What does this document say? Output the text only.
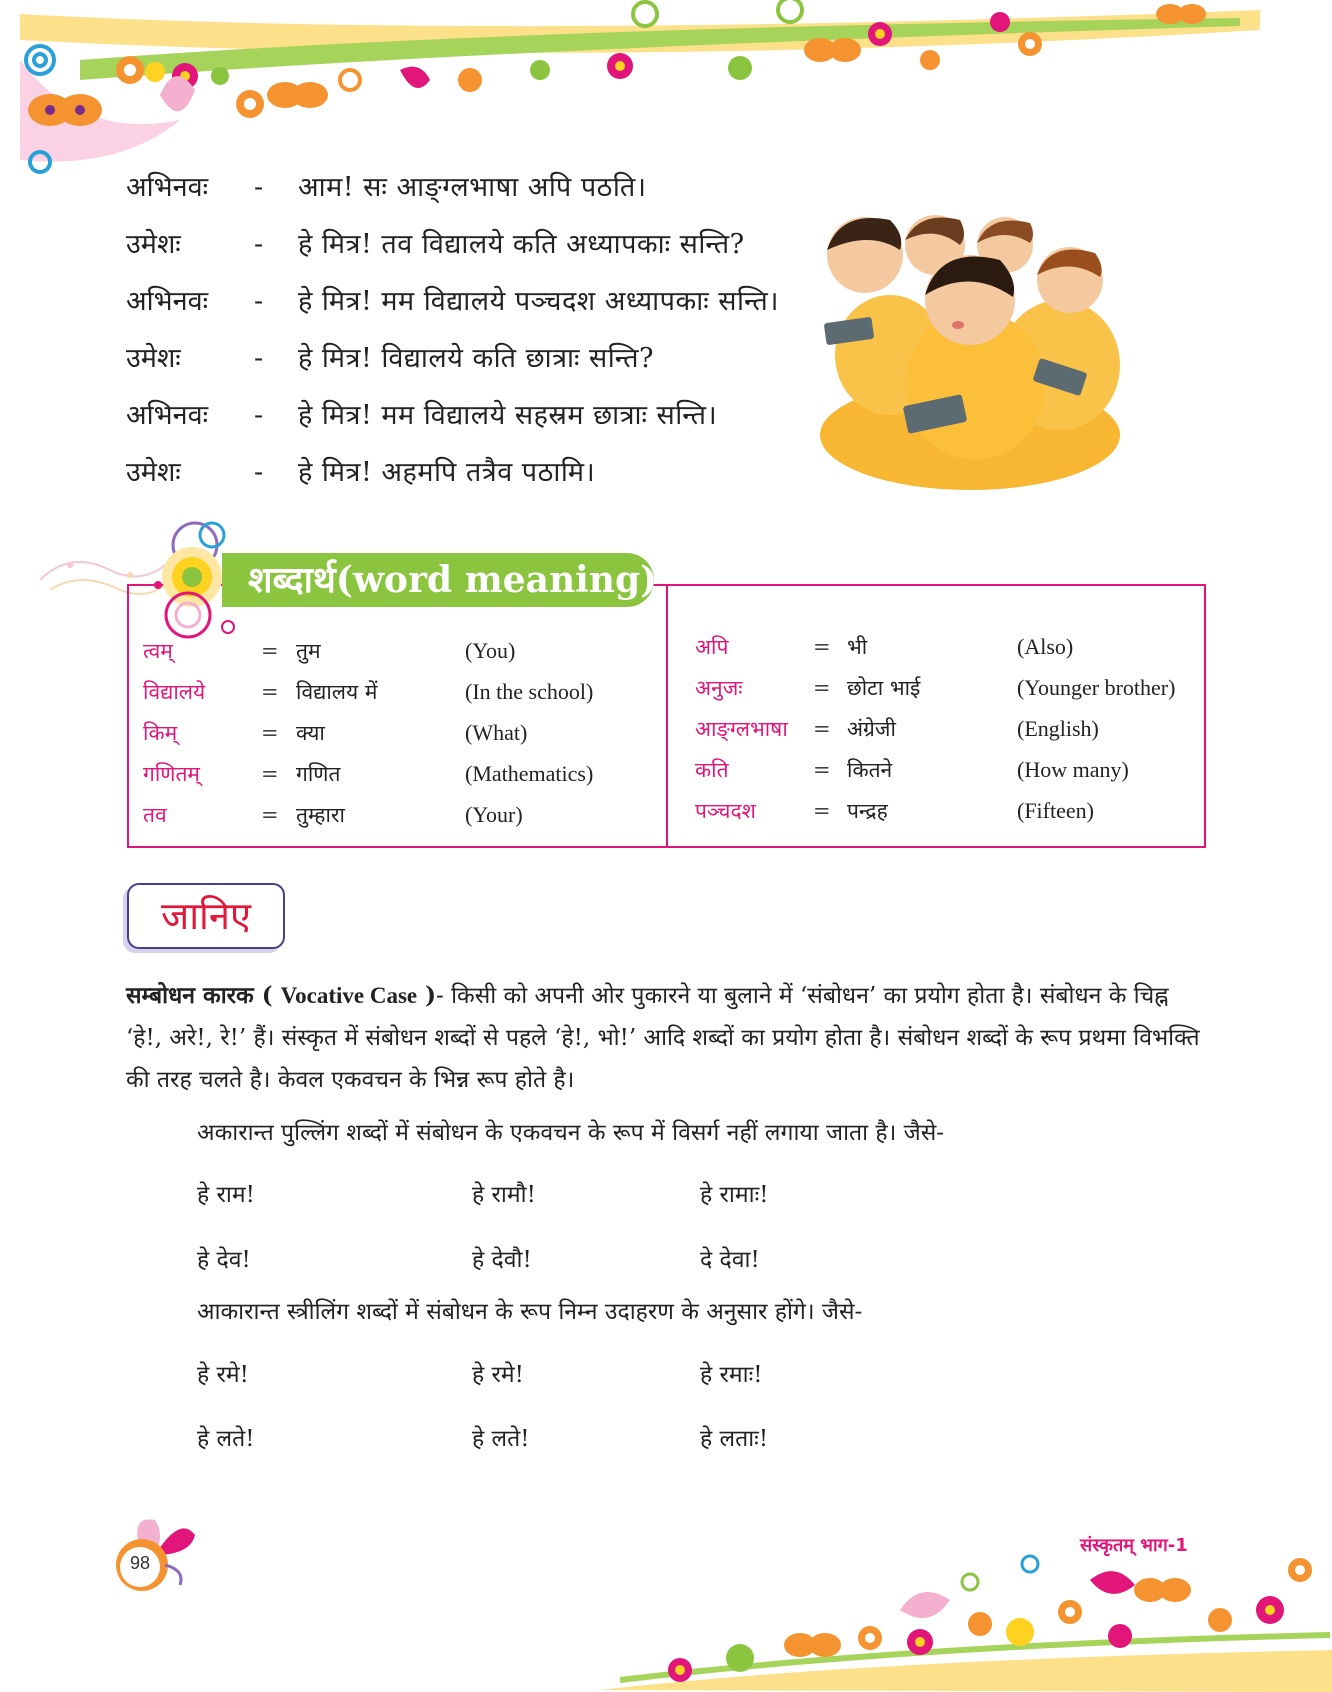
अभिनवः	- आम! सः आङ्ग्लभाषा अपि पठति।
उमेशः	- हे मित्र! तव विद्यालये कति अध्यापकाः सन्ति?
अभिनवः	- हे मित्र! मम विद्यालये पञ्चदश अध्यापकाः सन्ति।
उमेशः	- हे मित्र! विद्यालये कति छात्राः सन्ति?
अभिनवः	- हे मित्र! मम विद्यालये सहस्रम छात्राः सन्ति।
उमेशः	- हे मित्र! अहमपि तत्रैव पठामि।
शब्दार्थ(word meaning)
त्वम्	= तुम	(You)
विद्यालये	= विद्यालय में	(In the school)
किम्	= क्या	(What)
गणितम्	= गणित	(Mathematics)
तव	= तुम्हारा	(Your)
अपि	= भी	(Also)
अनुजः	= छोटा भाई	(Younger brother)
आङ्ग्लभाषा = अंग्रेजी	(English)
कति	= कितने	(How many)
पञ्चदश	= पन्द्रह	(Fifteen)
जानिए
सम्बोधन कारक ( Vocative Case )- किसी को अपनी ओर पुकारने या बुलाने में ‘संबोधन’ का प्रयोग होता है। संबोधन के चिह्न ‘हे!, अरे!, रे!’ हैं। संस्कृत में संबोधन शब्दों से पहले ‘हे!, भो!’ आदि शब्दों का प्रयोग होता है। संबोधन शब्दों के रूप प्रथमा विभक्ति की तरह चलते है। केवल एकवचन के भिन्न रूप होते है।
अकारान्त पुल्लिंग शब्दों में संबोधन के एकवचन के रूप में विसर्ग नहीं लगाया जाता है। जैसे-
हे राम!	हे रामौ!	हे रामाः!
हे देव!	हे देवौ!	दे देवा!
आकारान्त स्त्रीलिंग शब्दों में संबोधन के रूप निम्न उदाहरण के अनुसार होंगे। जैसे-
हे रमे!	हे रमे!	हे रमाः!
हे लते!	हे लते!	हे लताः!
98
संस्कृतम् भाग-1
